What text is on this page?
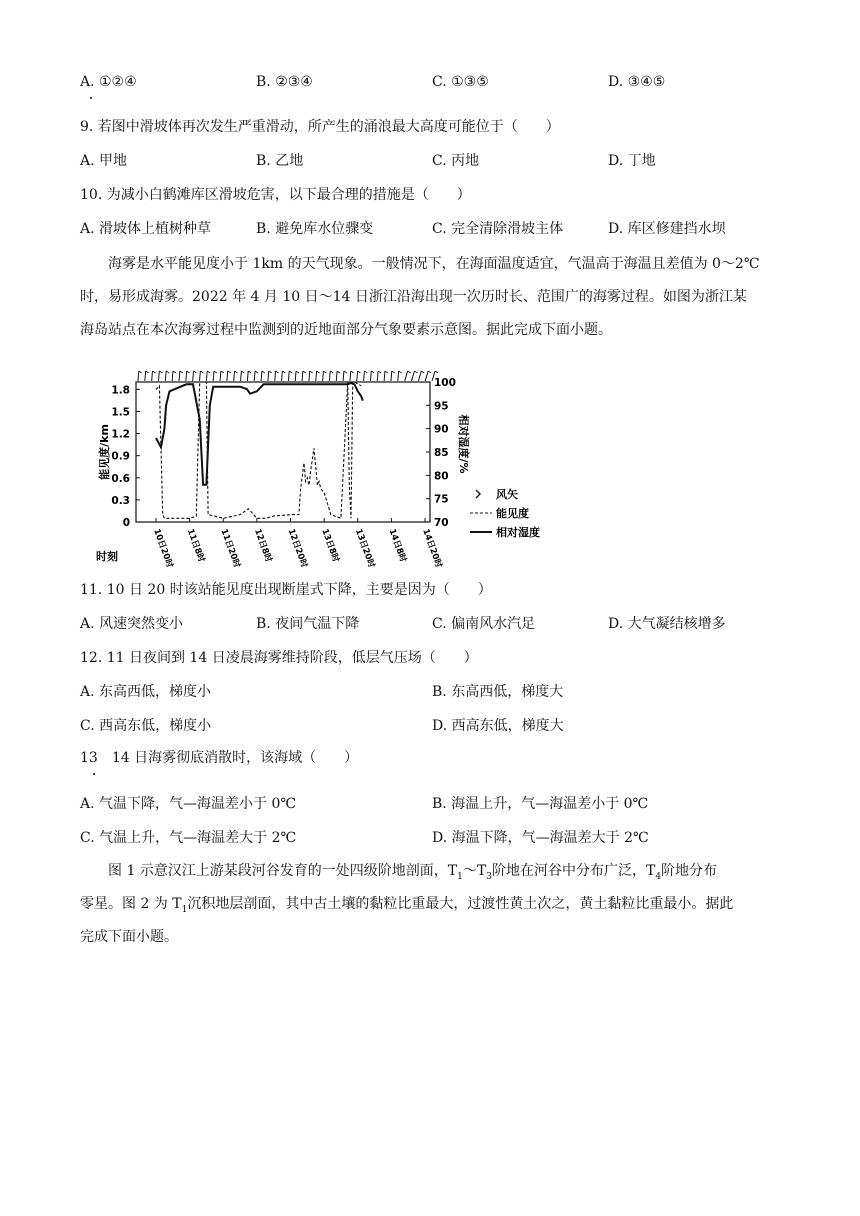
A. ①②④	B. ②③④	C. ①③⑤	D. ③④⑤
9. 若图中滑坡体再次发生严重滑动，所产生的涌浪最大高度可能位于（　　）
A. 甲地	B. 乙地	C. 丙地	D. 丁地
10. 为减小白鹤滩库区滑坡危害，以下最合理的措施是（　　）
A. 滑坡体上植树种草	B. 避免库水位骤变	C. 完全清除滑坡主体	D. 库区修建挡水坝
海雾是水平能见度小于 1km 的天气现象。一般情况下，在海面温度适宜，气温高于海温且差值为 0～2℃
时，易形成海雾。2022 年 4 月 10 日～14 日浙江沿海出现一次历时长、范围广的海雾过程。如图为浙江某
海岛站点在本次海雾过程中监测到的近地面部分气象要素示意图。据此完成下面小题。
0
0.3
0.6
0.9
1.2
1.5
1.8
70
75
80
85
90
95
100
10日20时 11日8时 11日20时 12日8时 12日20时 13日8时 13日20时 14日8时 14日20时
时刻
能见度/km	相对湿度/%
风矢
能见度
相对湿度
11. 10 日 20 时该站能见度出现断崖式下降，主要是因为（　　）
A. 风速突然变小	B. 夜间气温下降	C. 偏南风水汽足	D. 大气凝结核增多
12. 11 日夜间到 14 日凌晨海雾维持阶段，低层气压场（　　）
A. 东高西低，梯度小	B. 东高西低，梯度大
C. 西高东低，梯度小	D. 西高东低，梯度大
13　14 日海雾彻底消散时，该海域（　　）
A. 气温下降，气—海温差小于 0℃	B. 海温上升，气—海温差小于 0℃
C. 气温上升，气—海温差大于 2℃	D. 海温下降，气—海温差大于 2℃
图 1 示意汉江上游某段河谷发育的一处四级阶地剖面，$T_1\sim T_3$阶地在河谷中分布广泛，$T_4$阶地分布
零星。图 2 为 $T_1$沉积地层剖面，其中古土壤的黏粒比重最大，过渡性黄土次之，黄土黏粒比重最小。据此
完成下面小题。
